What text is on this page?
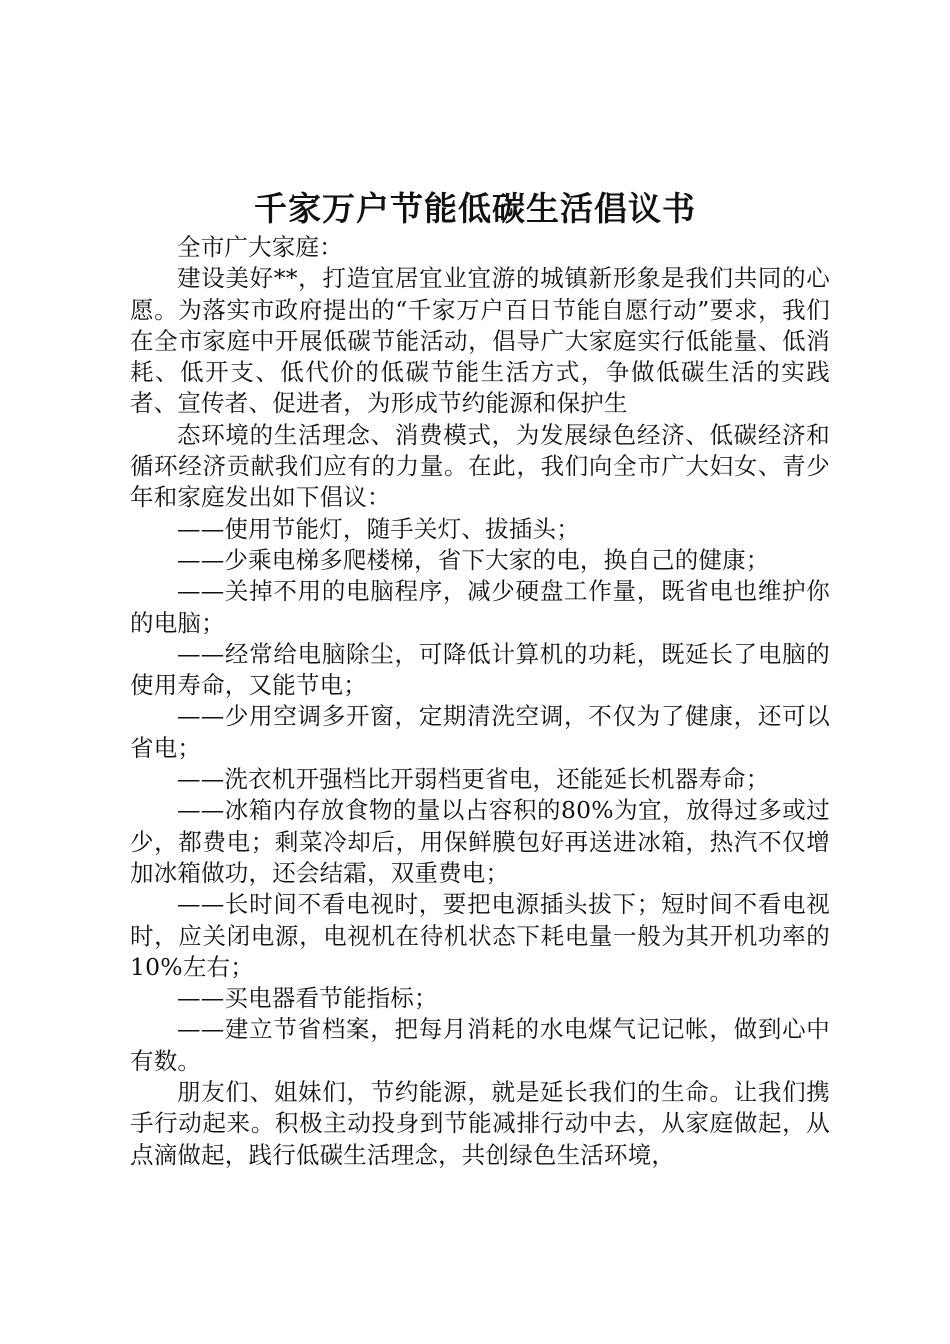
千家万户节能低碳生活倡议书

全市广大家庭：

建设美好**，打造宜居宜业宜游的城镇新形象是我们共同的心愿。为落实市政府提出的“千家万户百日节能自愿行动”要求，我们在全市家庭中开展低碳节能活动，倡导广大家庭实行低能量、低消耗、低开支、低代价的低碳节能生活方式，争做低碳生活的实践者、宣传者、促进者，为形成节约能源和保护生

态环境的生活理念、消费模式，为发展绿色经济、低碳经济和循环经济贡献我们应有的力量。在此，我们向全市广大妇女、青少年和家庭发出如下倡议：

——使用节能灯，随手关灯、拔插头；

——少乘电梯多爬楼梯，省下大家的电，换自己的健康；

——关掉不用的电脑程序，减少硬盘工作量，既省电也维护你的电脑；

——经常给电脑除尘，可降低计算机的功耗，既延长了电脑的使用寿命，又能节电；

——少用空调多开窗，定期清洗空调，不仅为了健康，还可以省电；

——洗衣机开强档比开弱档更省电，还能延长机器寿命；

——冰箱内存放食物的量以占容积的80%为宜，放得过多或过少，都费电；剩菜冷却后，用保鲜膜包好再送进冰箱，热汽不仅增加冰箱做功，还会结霜，双重费电；

——长时间不看电视时，要把电源插头拔下；短时间不看电视时，应关闭电源，电视机在待机状态下耗电量一般为其开机功率的10%左右；

——买电器看节能指标；

——建立节省档案，把每月消耗的水电煤气记记帐，做到心中有数。

朋友们、姐妹们，节约能源，就是延长我们的生命。让我们携手行动起来。积极主动投身到节能减排行动中去，从家庭做起，从点滴做起，践行低碳生活理念，共创绿色生活环境，
